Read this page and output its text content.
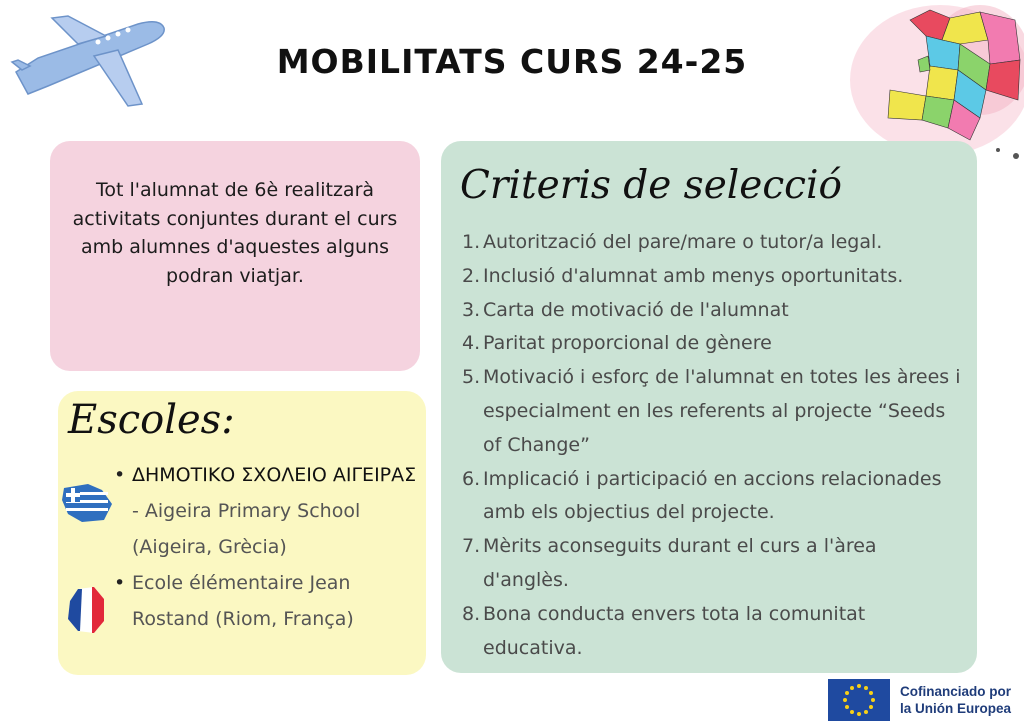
MOBILITATS CURS 24-25
Tot l'alumnat de 6è realitzarà activitats conjuntes durant el curs amb alumnes d'aquestes alguns podran viatjar.
Escoles:
• ΔΗΜΟΤΙΚΟ ΣΧΟΛΕΙΟ ΑΙΓΕΙΡΑΣ - Aigeira Primary School (Aigeira, Grècia)
• Ecole élémentaire Jean Rostand (Riom, França)
Criteris de selecció
1. Autorització del pare/mare o tutor/a legal.
2. Inclusió d'alumnat amb menys oportunitats.
3. Carta de motivació de l'alumnat
4. Paritat proporcional de gènere
5. Motivació i esforç de l'alumnat en totes les àrees i especialment en les referents al projecte “Seeds of Change”
6. Implicació i participació en accions relacionades amb els objectius del projecte.
7. Mèrits aconseguits durant el curs a l'àrea d'anglès.
8. Bona conducta envers tota la comunitat educativa.
Cofinanciado por
la Unión Europea
